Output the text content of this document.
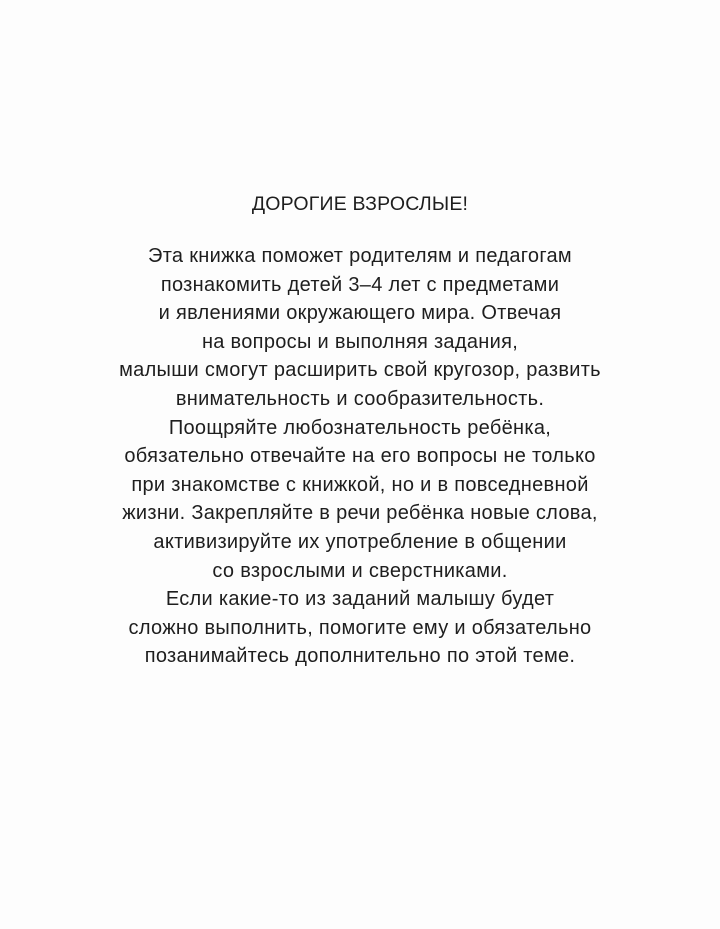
ДОРОГИЕ ВЗРОСЛЫЕ!
Эта книжка поможет родителям и педагогам
познакомить детей 3–4 лет с предметами
и явлениями окружающего мира. Отвечая
на вопросы и выполняя задания,
малыши смогут расширить свой кругозор, развить
внимательность и сообразительность.
Поощряйте любознательность ребёнка,
обязательно отвечайте на его вопросы не только
при знакомстве с книжкой, но и в повседневной
жизни. Закрепляйте в речи ребёнка новые слова,
активизируйте их употребление в общении
со взрослыми и сверстниками.
Если какие-то из заданий малышу будет
сложно выполнить, помогите ему и обязательно
позанимайтесь дополнительно по этой теме.
